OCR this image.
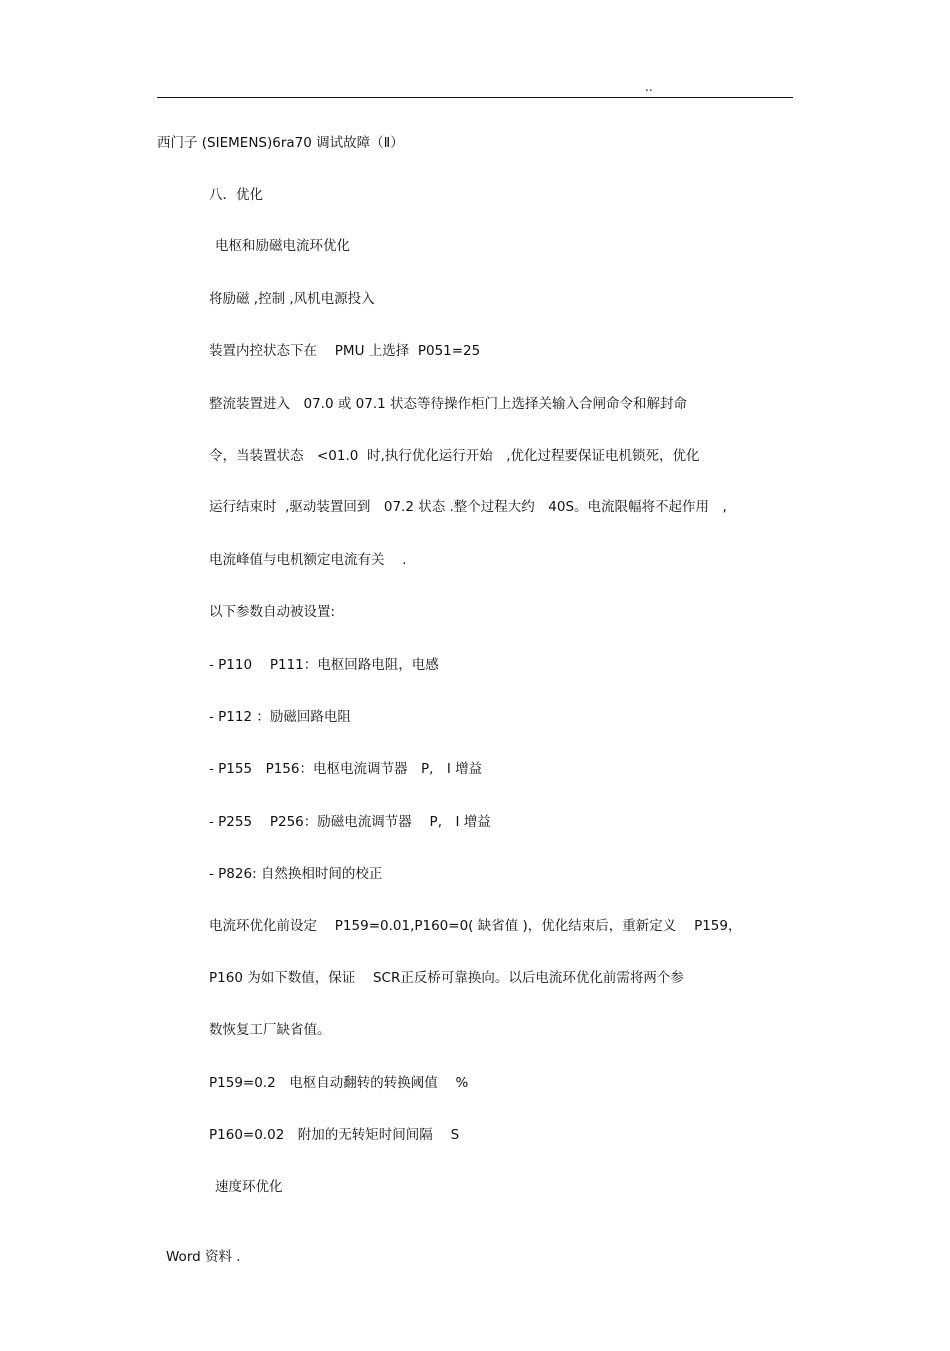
..
西门子 (SIEMENS)6ra70 调试故障（Ⅱ）
八．优化
电枢和励磁电流环优化
将励磁 ,控制 ,风机电源投入
装置内控状态下在　 PMU 上选择  P051=25
整流装置进入　07.0 或 07.1 状态等待操作柜门上选择关输入合闸命令和解封命
令，当装置状态　<01.0  时,执行优化运行开始　,优化过程要保证电机锁死，优化
运行结束时  ,驱动装置回到　07.2 状态 .整个过程大约　40S。电流限幅将不起作用　,
电流峰值与电机额定电流有关　 .
以下参数自动被设置:
- P110　 P111：电枢回路电阻，电感
- P112 ：励磁回路电阻
- P155　P156：电枢电流调节器　P,　I 增益
- P255　 P256：励磁电流调节器　 P,　I 增益
- P826: 自然换相时间的校正
电流环优化前设定　 P159=0.01,P160=0( 缺省值 )，优化结束后，重新定义　 P159，
P160 为如下数值，保证　 SCR正反桥可靠换向。以后电流环优化前需将两个参
数恢复工厂缺省值。
P159=0.2　电枢自动翻转的转换阈值　 %
P160=0.02　附加的无转矩时间间隔　 S
速度环优化
Word 资料 .
